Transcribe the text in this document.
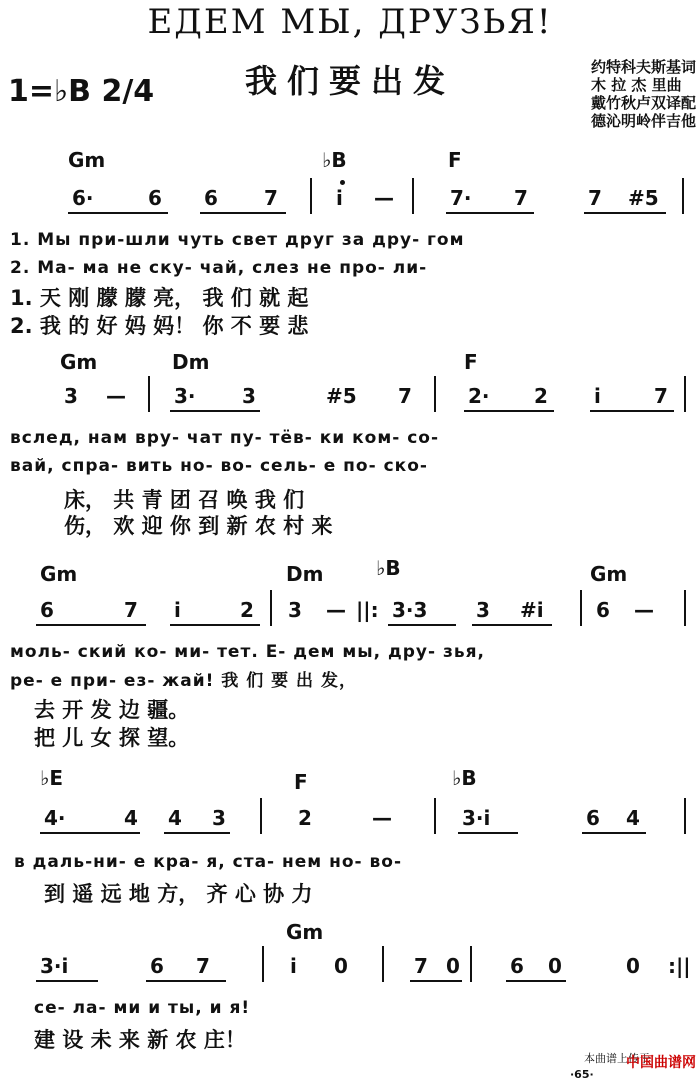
ЕДЕМ МЫ, ДРУЗЬЯ!
我们要出发
1=♭B 2/4
约特科夫斯基词
木 拉 杰 里曲
戴竹秋卢双译配
德沁明岭伴吉他
Gm	♭B	F
6·	6 6 7	i —	7· 7	7 #5
1. Мы при-шли чуть свет друг за дру- гом
2. Ма- ма не ску- чай, слез не про- ли-
1. 天 刚 朦 朦 亮， 我 们 就 起
2. 我 的 好 妈 妈！ 你 不 要 悲
Gm	Dm	F
3 — 3· 3	#5 7	2· 2 i	7
вслед, нам вру- чат пу- тёв- ки ком- со-
вай, спра- вить но- во- сель- е по- ско-
床， 共 青 团 召 唤 我 们
伤， 欢 迎 你 到 新 农 村 来
Gm	Dm	♭B	Gm
6	7 i	2 3 — ||: 3·3 3 #i	6 —
моль- ский ко- ми- тет. Е- дем мы, дру- зья,
ре- е при- ез- жай! 我 们 要 出 发，
去 开 发 边 疆。
把 儿 女 探 望。
♭E	F	♭B
4·	4 4 3	2	—	3·i	6 4
в даль-ни- е кра- я, ста- нем но- во-
到 遥 远 地 方， 齐 心 协 力
Gm
3·i	6 7	i 0	7 0	6 0	0 :||
се- ла- ми и ты, и я!
建 设 未 来 新 农 庄！
本曲谱上传于
中国曲谱网
·65·
